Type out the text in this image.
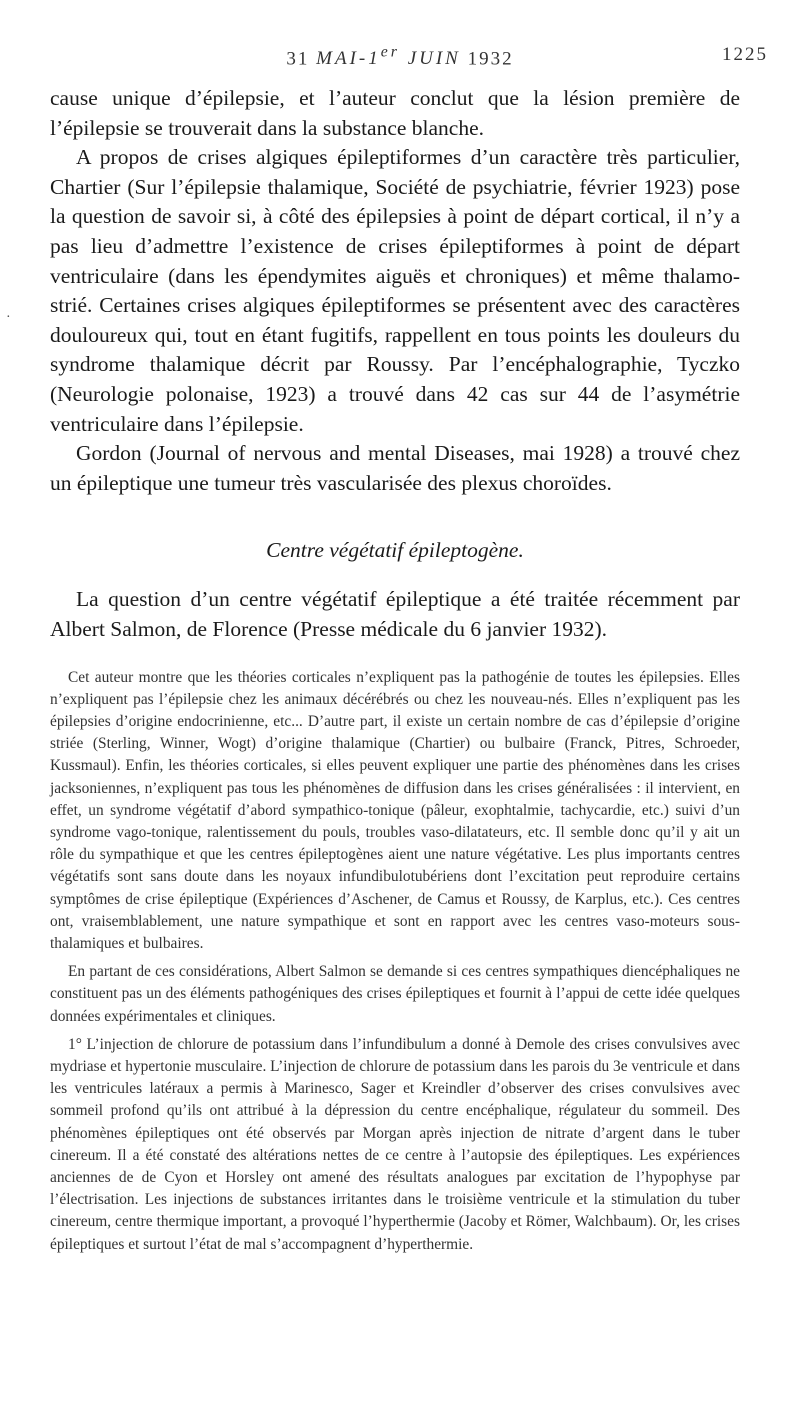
31 MAI-1er JUIN 1932	1225
·

cause unique d’épilepsie, et l’auteur conclut que la lésion première de l’épilepsie se trouverait dans la substance blanche.

A propos de crises algiques épileptiformes d’un caractère très particulier, Chartier (Sur l’épilepsie thalamique, Société de psychiatrie, février 1923) pose la question de savoir si, à côté des épilepsies à point de départ cortical, il n’y a pas lieu d’admettre l’existence de crises épileptiformes à point de départ ventriculaire (dans les épendymites aiguës et chroniques) et même thalamo-strié. Certaines crises algiques épileptiformes se présentent avec des caractères douloureux qui, tout en étant fugitifs, rappellent en tous points les douleurs du syndrome thalamique décrit par Roussy. Par l’encéphalographie, Tyczko (Neurologie polonaise, 1923) a trouvé dans 42 cas sur 44 de l’asymétrie ventriculaire dans l’épilepsie.

Gordon (Journal of nervous and mental Diseases, mai 1928) a trouvé chez un épileptique une tumeur très vascularisée des plexus choroïdes.

Centre végétatif épileptogène.

La question d’un centre végétatif épileptique a été traitée récemment par Albert Salmon, de Florence (Presse médicale du 6 janvier 1932).

Cet auteur montre que les théories corticales n’expliquent pas la pathogénie de toutes les épilepsies. Elles n’expliquent pas l’épilepsie chez les animaux décérébrés ou chez les nouveau-nés. Elles n’expliquent pas les épilepsies d’origine endocrinienne, etc... D’autre part, il existe un certain nombre de cas d’épilepsie d’origine striée (Sterling, Winner, Wogt) d’origine thalamique (Chartier) ou bulbaire (Franck, Pitres, Schroeder, Kussmaul). Enfin, les théories corticales, si elles peuvent expliquer une partie des phénomènes dans les crises jacksoniennes, n’expliquent pas tous les phénomènes de diffusion dans les crises généralisées : il intervient, en effet, un syndrome végétatif d’abord sympathico-tonique (pâleur, exophtalmie, tachycardie, etc.) suivi d’un syndrome vago-tonique, ralentissement du pouls, troubles vaso-dilatateurs, etc. Il semble donc qu’il y ait un rôle du sympathique et que les centres épileptogènes aient une nature végétative. Les plus importants centres végétatifs sont sans doute dans les noyaux infundibulotubériens dont l’excitation peut reproduire certains symptômes de crise épileptique (Expériences d’Aschener, de Camus et Roussy, de Karplus, etc.). Ces centres ont, vraisemblablement, une nature sympathique et sont en rapport avec les centres vaso-moteurs sous-thalamiques et bulbaires.

En partant de ces considérations, Albert Salmon se demande si ces centres sympathiques diencéphaliques ne constituent pas un des éléments pathogéniques des crises épileptiques et fournit à l’appui de cette idée quelques données expérimentales et cliniques.

1° L’injection de chlorure de potassium dans l’infundibulum a donné à Demole des crises convulsives avec mydriase et hypertonie musculaire. L’injection de chlorure de potassium dans les parois du 3e ventricule et dans les ventricules latéraux a permis à Marinesco, Sager et Kreindler d’observer des crises convulsives avec sommeil profond qu’ils ont attribué à la dépression du centre encéphalique, régulateur du sommeil. Des phénomènes épileptiques ont été observés par Morgan après injection de nitrate d’argent dans le tuber cinereum. Il a été constaté des altérations nettes de ce centre à l’autopsie des épileptiques. Les expériences anciennes de de Cyon et Horsley ont amené des résultats analogues par excitation de l’hypophyse par l’électrisation. Les injections de substances irritantes dans le troisième ventricule et la stimulation du tuber cinereum, centre thermique important, a provoqué l’hyperthermie (Jacoby et Römer, Walchbaum). Or, les crises épileptiques et surtout l’état de mal s’accompagnent d’hyperthermie.
